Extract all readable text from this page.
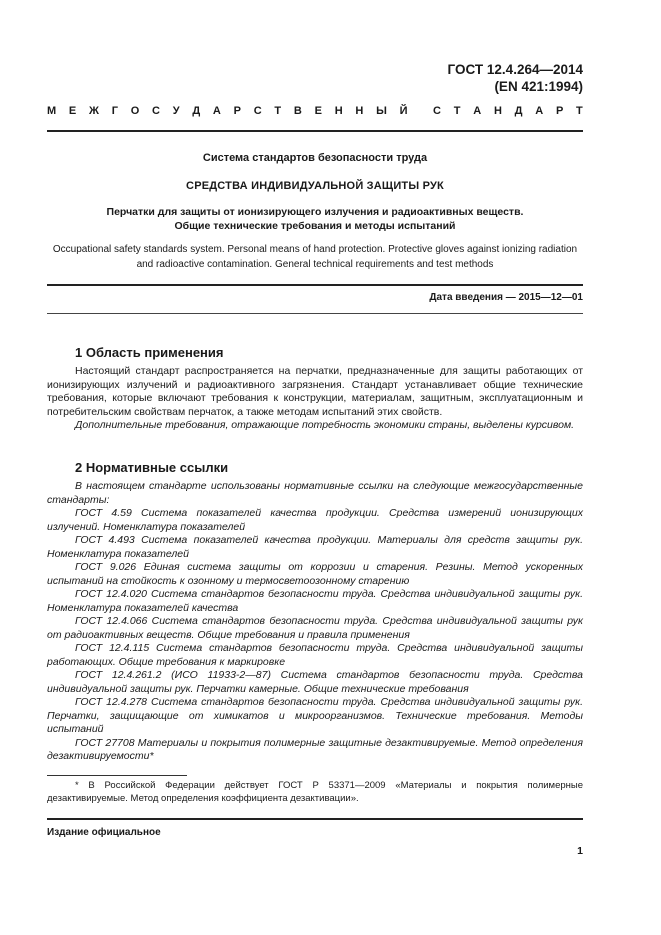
ГОСТ 12.4.264—2014
(EN 421:1994)
М Е Ж Г О С У Д А Р С Т В Е Н Н Ы Й С Т А Н Д А Р Т
Система стандартов безопасности труда
СРЕДСТВА ИНДИВИДУАЛЬНОЙ ЗАЩИТЫ РУК
Перчатки для защиты от ионизирующего излучения и радиоактивных веществ.
Общие технические требования и методы испытаний
Occupational safety standards system. Personal means of hand protection. Protective gloves against ionizing radiation
and radioactive contamination. General technical requirements and test methods
Дата введения — 2015—12—01
1 Область применения

Настоящий стандарт распространяется на перчатки, предназначенные для защиты работающих от ионизирующих излучений и радиоактивного загрязнения. Стандарт устанавливает общие технические требования, которые включают требования к конструкции, материалам, защитным, эксплуатационным и потребительским свойствам перчаток, а также методам испытаний этих свойств.

Дополнительные требования, отражающие потребность экономики страны, выделены курсивом.

2 Нормативные ссылки

В настоящем стандарте использованы нормативные ссылки на следующие межгосударственные стандарты:

ГОСТ 4.59 Система показателей качества продукции. Средства измерений ионизирующих излучений. Номенклатура показателей

ГОСТ 4.493 Система показателей качества продукции. Материалы для средств защиты рук. Номенклатура показателей

ГОСТ 9.026 Единая система защиты от коррозии и старения. Резины. Метод ускоренных испытаний на стойкость к озонному и термосветоозонному старению

ГОСТ 12.4.020 Система стандартов безопасности труда. Средства индивидуальной защиты рук. Номенклатура показателей качества

ГОСТ 12.4.066 Система стандартов безопасности труда. Средства индивидуальной защиты рук от радиоактивных веществ. Общие требования и правила применения

ГОСТ 12.4.115 Система стандартов безопасности труда. Средства индивидуальной защиты работающих. Общие требования к маркировке

ГОСТ 12.4.261.2 (ИСО 11933-2—87) Система стандартов безопасности труда. Средства индивидуальной защиты рук. Перчатки камерные. Общие технические требования

ГОСТ 12.4.278 Система стандартов безопасности труда. Средства индивидуальной защиты рук. Перчатки, защищающие от химикатов и микроорганизмов. Технические требования. Методы испытаний

ГОСТ 27708 Материалы и покрытия полимерные защитные дезактивируемые. Метод определения дезактивируемости*

* В Российской Федерации действует ГОСТ Р 53371—2009 «Материалы и покрытия полимерные дезактивируемые. Метод определения коэффициента дезактивации».

Издание официальное
1
